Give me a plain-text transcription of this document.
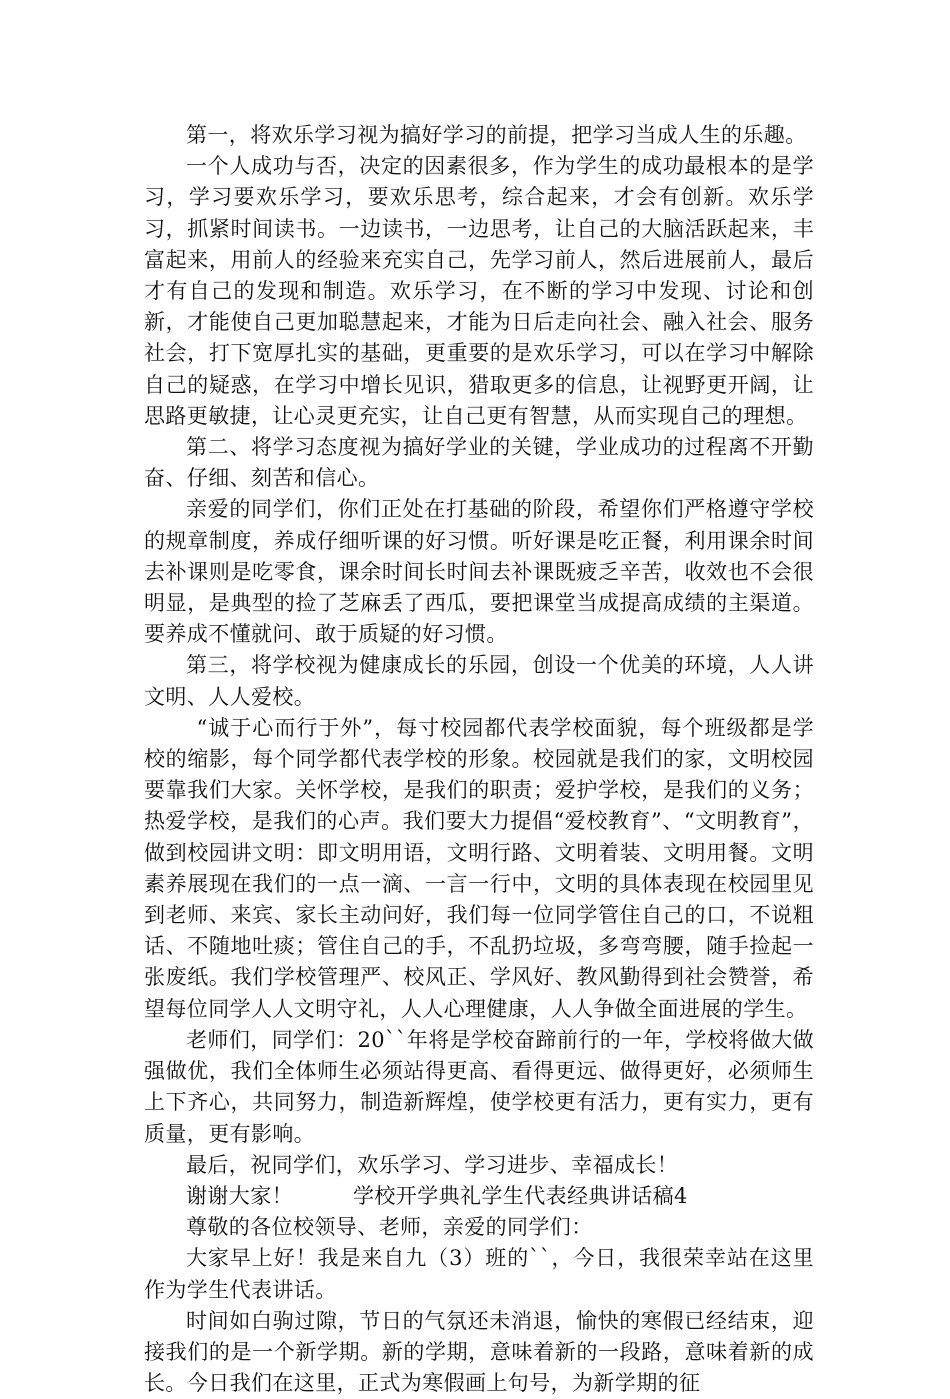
第一，将欢乐学习视为搞好学习的前提，把学习当成人生的乐趣。

一个人成功与否，决定的因素很多，作为学生的成功最根本的是学习，学习要欢乐学习，要欢乐思考，综合起来，才会有创新。欢乐学习，抓紧时间读书。一边读书，一边思考，让自己的大脑活跃起来，丰富起来，用前人的经验来充实自己，先学习前人，然后进展前人，最后才有自己的发现和制造。欢乐学习，在不断的学习中发现、讨论和创新，才能使自己更加聪慧起来，才能为日后走向社会、融入社会、服务社会，打下宽厚扎实的基础，更重要的是欢乐学习，可以在学习中解除自己的疑惑，在学习中增长见识，猎取更多的信息，让视野更开阔，让思路更敏捷，让心灵更充实，让自己更有智慧，从而实现自己的理想。

第二、将学习态度视为搞好学业的关键，学业成功的过程离不开勤奋、仔细、刻苦和信心。

亲爱的同学们，你们正处在打基础的阶段，希望你们严格遵守学校的规章制度，养成仔细听课的好习惯。听好课是吃正餐，利用课余时间去补课则是吃零食，课余时间长时间去补课既疲乏辛苦，收效也不会很明显，是典型的捡了芝麻丢了西瓜，要把课堂当成提高成绩的主渠道。要养成不懂就问、敢于质疑的好习惯。

第三，将学校视为健康成长的乐园，创设一个优美的环境，人人讲文明、人人爱校。

“诚于心而行于外”，每寸校园都代表学校面貌，每个班级都是学校的缩影，每个同学都代表学校的形象。校园就是我们的家，文明校园要靠我们大家。关怀学校，是我们的职责；爱护学校，是我们的义务；热爱学校，是我们的心声。我们要大力提倡“爱校教育”、“文明教育”，做到校园讲文明：即文明用语，文明行路、文明着装、文明用餐。文明素养展现在我们的一点一滴、一言一行中，文明的具体表现在校园里见到老师、来宾、家长主动问好，我们每一位同学管住自己的口，不说粗话、不随地吐痰；管住自己的手，不乱扔垃圾，多弯弯腰，随手捡起一张废纸。我们学校管理严、校风正、学风好、教风勤得到社会赞誉，希望每位同学人人文明守礼，人人心理健康，人人争做全面进展的学生。

老师们，同学们：20``年将是学校奋蹄前行的一年，学校将做大做强做优，我们全体师生必须站得更高、看得更远、做得更好，必须师生上下齐心，共同努力，制造新辉煌，使学校更有活力，更有实力，更有质量，更有影响。

最后，祝同学们，欢乐学习、学习进步、幸福成长！

谢谢大家！	学校开学典礼学生代表经典讲话稿4

尊敬的各位校领导、老师，亲爱的同学们：

大家早上好！我是来自九（3）班的``，今日，我很荣幸站在这里作为学生代表讲话。

时间如白驹过隙，节日的气氛还未消退，愉快的寒假已经结束，迎接我们的是一个新学期。新的学期，意味着新的一段路，意味着新的成长。今日我们在这里，正式为寒假画上句号，为新学期的征
